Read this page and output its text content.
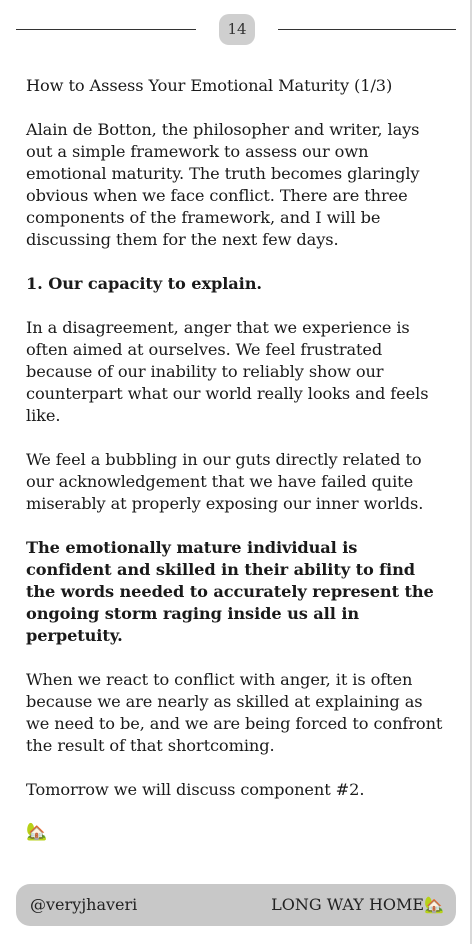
14

How to Assess Your Emotional Maturity (1/3)

Alain de Botton, the philosopher and writer, lays out a simple framework to assess our own emotional maturity. The truth becomes glaringly obvious when we face conflict. There are three components of the framework, and I will be discussing them for the next few days.

1. Our capacity to explain.

In a disagreement, anger that we experience is often aimed at ourselves. We feel frustrated because of our inability to reliably show our counterpart what our world really looks and feels like.

We feel a bubbling in our guts directly related to our acknowledgement that we have failed quite miserably at properly exposing our inner worlds.

The emotionally mature individual is confident and skilled in their ability to find the words needed to accurately represent the ongoing storm raging inside us all in perpetuity.

When we react to conflict with anger, it is often because we are nearly as skilled at explaining as we need to be, and we are being forced to confront the result of that shortcoming.

Tomorrow we will discuss component #2.

🏡

@veryjhaveri	LONG WAY HOME🏡
